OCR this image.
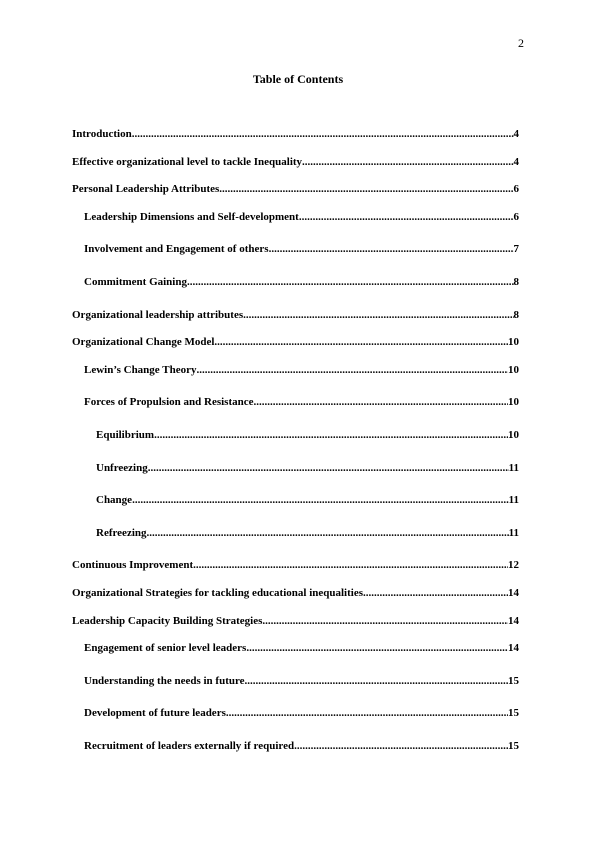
2
Table of Contents
Introduction .....	4
Effective organizational level to tackle Inequality .....	4
Personal Leadership Attributes .....	6
Leadership Dimensions and Self-development .....	6
Involvement and Engagement of others .....	7
Commitment Gaining .....	8
Organizational leadership attributes .....	8
Organizational Change Model .....	10
Lewin’s Change Theory .....	10
Forces of Propulsion and Resistance .....	10
Equilibrium .....	10
Unfreezing .....	11
Change .....	11
Refreezing .....	11
Continuous Improvement .....	12
Organizational Strategies for tackling educational inequalities .....	14
Leadership Capacity Building Strategies .....	14
Engagement of senior level leaders .....	14
Understanding the needs in future .....	15
Development of future leaders .....	15
Recruitment of leaders externally if required .....	15
